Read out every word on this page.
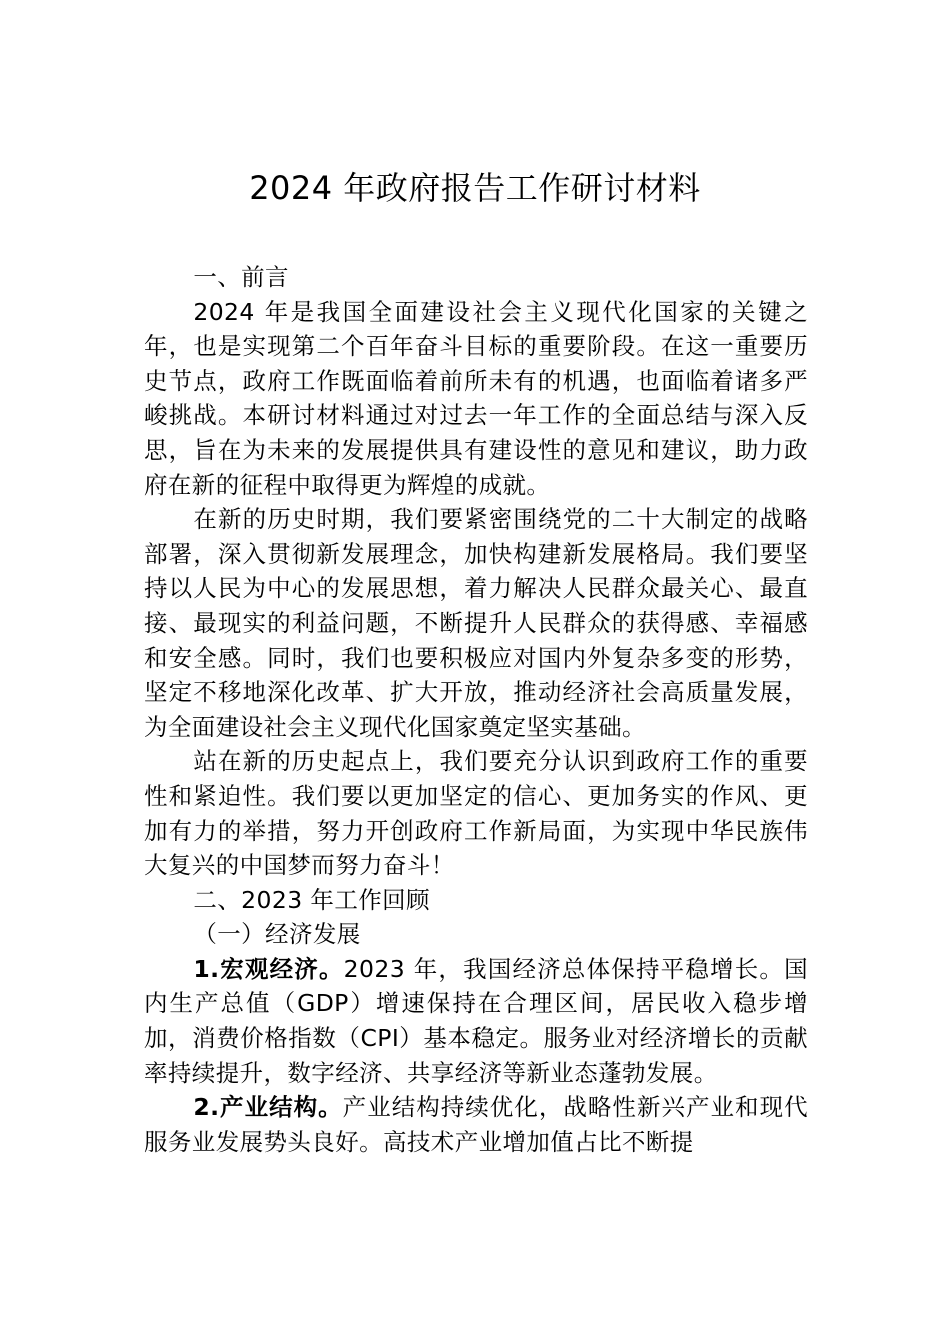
2024 年政府报告工作研讨材料

一、前言

2024 年是我国全面建设社会主义现代化国家的关键之年，也是实现第二个百年奋斗目标的重要阶段。在这一重要历史节点，政府工作既面临着前所未有的机遇，也面临着诸多严峻挑战。本研讨材料通过对过去一年工作的全面总结与深入反思，旨在为未来的发展提供具有建设性的意见和建议，助力政府在新的征程中取得更为辉煌的成就。

在新的历史时期，我们要紧密围绕党的二十大制定的战略部署，深入贯彻新发展理念，加快构建新发展格局。我们要坚持以人民为中心的发展思想，着力解决人民群众最关心、最直接、最现实的利益问题，不断提升人民群众的获得感、幸福感和安全感。同时，我们也要积极应对国内外复杂多变的形势，坚定不移地深化改革、扩大开放，推动经济社会高质量发展，为全面建设社会主义现代化国家奠定坚实基础。

站在新的历史起点上，我们要充分认识到政府工作的重要性和紧迫性。我们要以更加坚定的信心、更加务实的作风、更加有力的举措，努力开创政府工作新局面，为实现中华民族伟大复兴的中国梦而努力奋斗！

二、2023 年工作回顾

（一）经济发展

1.宏观经济。2023 年，我国经济总体保持平稳增长。国内生产总值（GDP）增速保持在合理区间，居民收入稳步增加，消费价格指数（CPI）基本稳定。服务业对经济增长的贡献率持续提升，数字经济、共享经济等新业态蓬勃发展。

2.产业结构。产业结构持续优化，战略性新兴产业和现代服务业发展势头良好。高技术产业增加值占比不断提
